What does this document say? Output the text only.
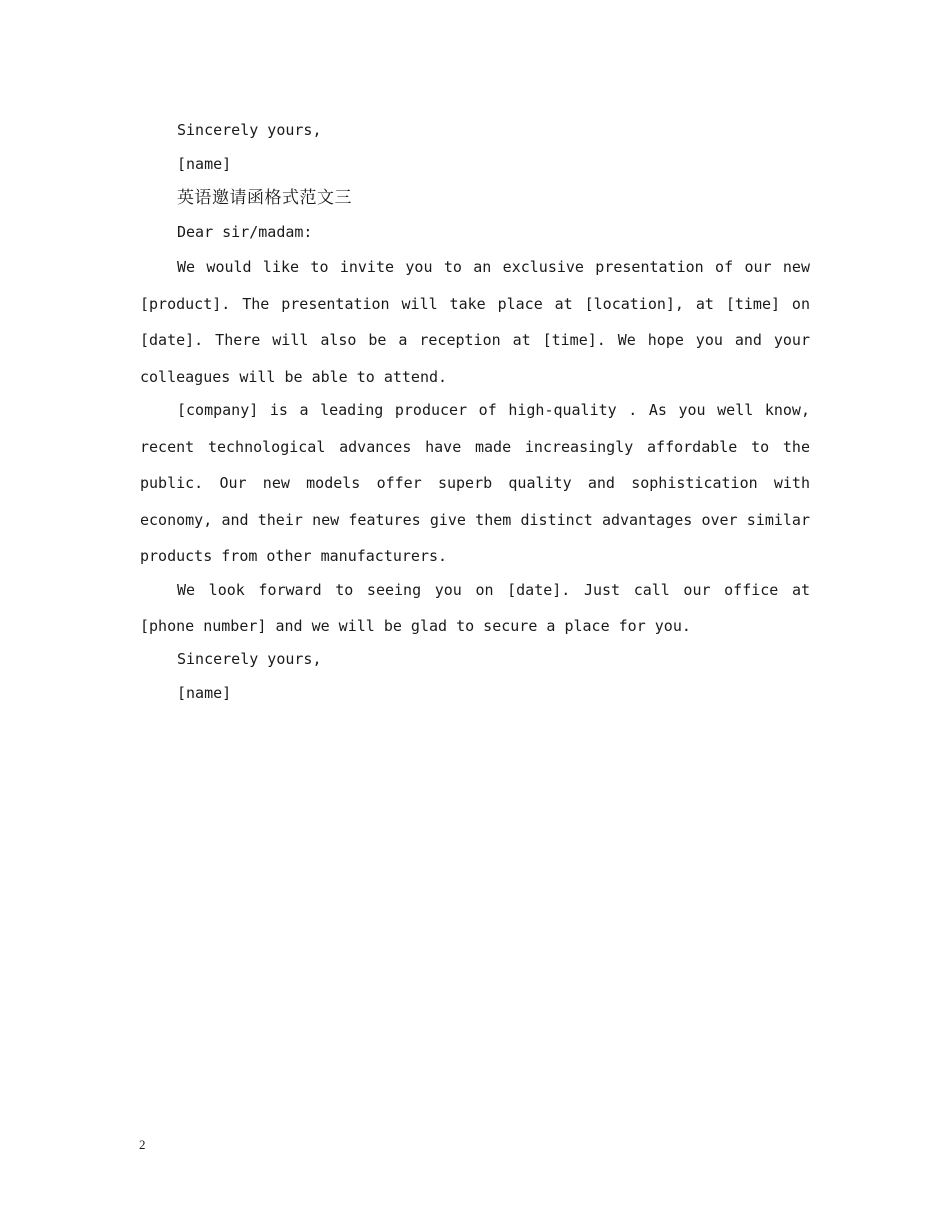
Sincerely yours,
[name]
英语邀请函格式范文三
Dear sir/madam:

We would like to invite you to an exclusive presentation of our new [product]. The presentation will take place at [location], at [time] on [date]. There will also be a reception at [time]. We hope you and your colleagues will be able to attend.

[company] is a leading producer of high-quality . As you well know, recent technological advances have made increasingly affordable to the public. Our new models offer superb quality and sophistication with economy, and their new features give them distinct advantages over similar products from other manufacturers.

We look forward to seeing you on [date]. Just call our office at [phone number] and we will be glad to secure a place for you.

Sincerely yours,
[name]
2
